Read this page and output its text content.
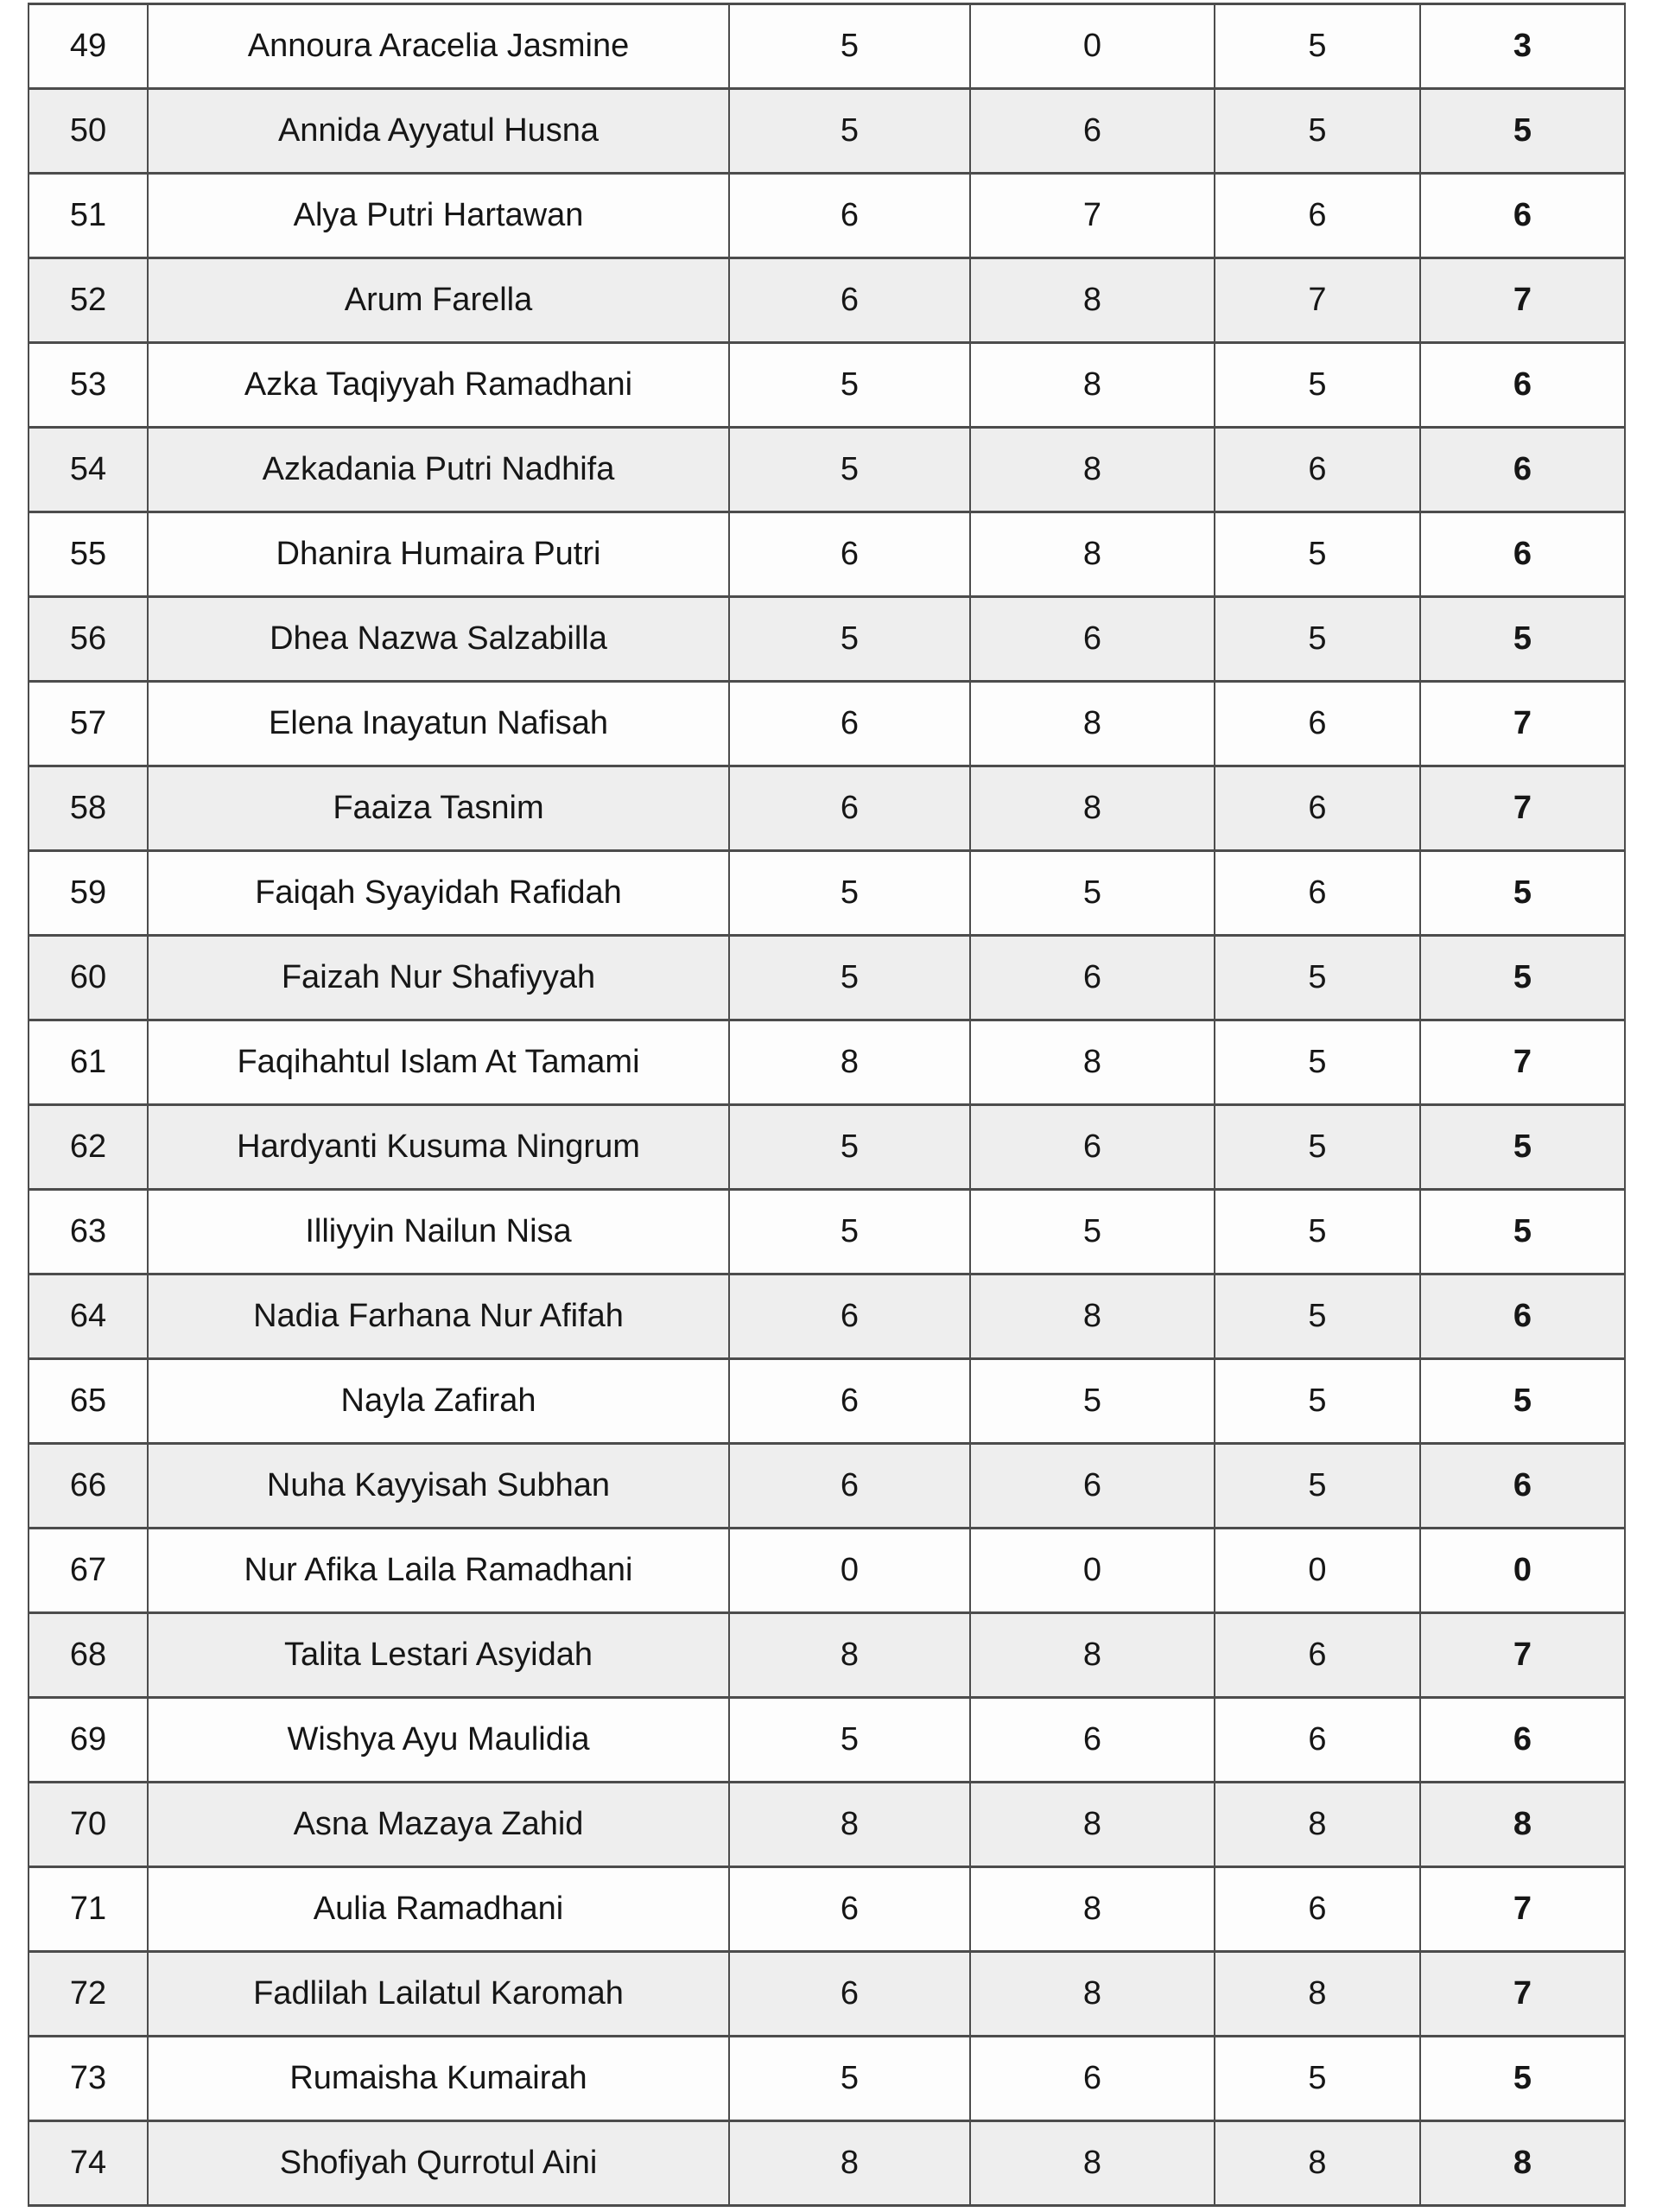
49	Annoura Aracelia Jasmine	5	0	5	3
50	Annida Ayyatul Husna	5	6	5	5
51	Alya Putri Hartawan	6	7	6	6
52	Arum Farella	6	8	7	7
53	Azka Taqiyyah Ramadhani	5	8	5	6
54	Azkadania Putri Nadhifa	5	8	6	6
55	Dhanira Humaira Putri	6	8	5	6
56	Dhea Nazwa Salzabilla	5	6	5	5
57	Elena Inayatun Nafisah	6	8	6	7
58	Faaiza Tasnim	6	8	6	7
59	Faiqah Syayidah Rafidah	5	5	6	5
60	Faizah Nur Shafiyyah	5	6	5	5
61	Faqihahtul Islam At Tamami	8	8	5	7
62	Hardyanti Kusuma Ningrum	5	6	5	5
63	Illiyyin Nailun Nisa	5	5	5	5
64	Nadia Farhana Nur Afifah	6	8	5	6
65	Nayla Zafirah	6	5	5	5
66	Nuha Kayyisah Subhan	6	6	5	6
67	Nur Afika Laila Ramadhani	0	0	0	0
68	Talita Lestari Asyidah	8	8	6	7
69	Wishya Ayu Maulidia	5	6	6	6
70	Asna Mazaya Zahid	8	8	8	8
71	Aulia Ramadhani	6	8	6	7
72	Fadlilah Lailatul Karomah	6	8	8	7
73	Rumaisha Kumairah	5	6	5	5
74	Shofiyah Qurrotul Aini	8	8	8	8
